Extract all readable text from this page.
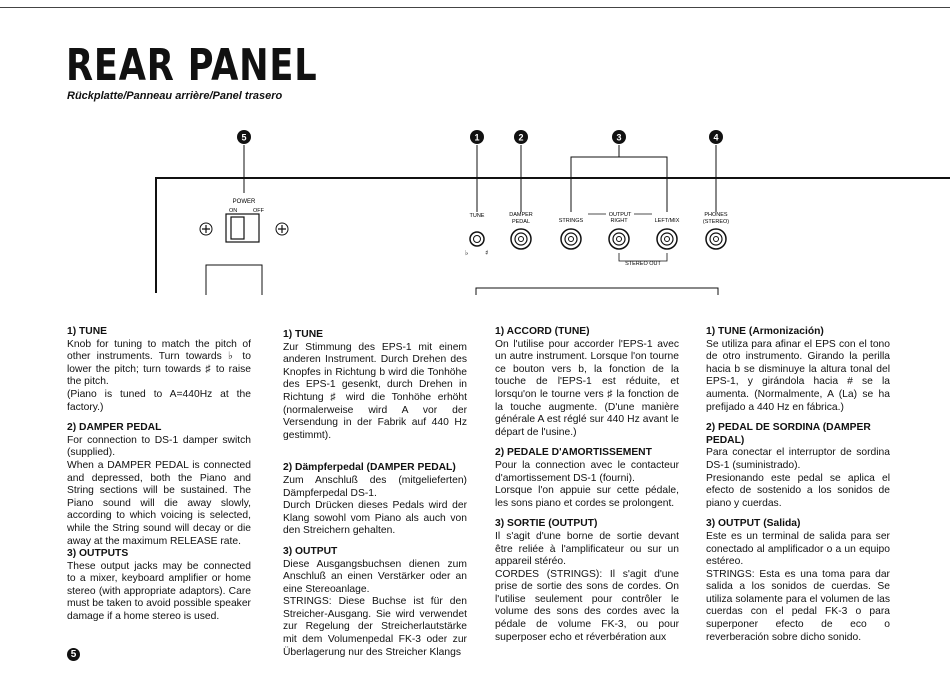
REAR PANEL
Rückplatte/Panneau arrière/Panel trasero
5	1	2	3	4
POWER
ON	OFF
TUNE
♭ ♯
DAMPER
PEDAL	STRINGS
OUTPUT
RIGHT	LEFT/MIX
PHONES
(STEREO)
STEREO OUT
1) TUNE

Knob for tuning to match the pitch of other instruments. Turn towards ♭ to lower the pitch; turn towards ♯ to raise the pitch.

(Piano is tuned to A=440Hz at the factory.)

2) DAMPER PEDAL

For connection to DS-1 damper switch (supplied).

When a DAMPER PEDAL is connected and depressed, both the Piano and String sections will be sustained. The Piano sound will die away slowly, according to which voicing is selected, while the String sound will decay or die away at the maximum RELEASE rate.

3) OUTPUTS

These output jacks may be connected to a mixer, keyboard amplifier or home stereo (with appropriate adaptors). Care must be taken to avoid possible speaker damage if a home stereo is used.

1) TUNE

Zur Stimmung des EPS-1 mit einem anderen Instrument. Durch Drehen des Knopfes in Richtung b wird die Tonhöhe des EPS-1 gesenkt, durch Drehen in Richtung ♯ wird die Tonhöhe erhöht (normalerweise wird A vor der Versendung in der Fabrik auf 440 Hz gestimmt).

2) Dämpferpedal (DAMPER PEDAL)

Zum Anschluß des (mitgelieferten) Dämpferpedal DS-1.

Durch Drücken dieses Pedals wird der Klang sowohl vom Piano als auch von den Streichern gehalten.

3) OUTPUT

Diese Ausgangsbuchsen dienen zum Anschluß an einen Verstärker oder an eine Stereoanlage.

STRINGS: Diese Buchse ist für den Streicher-Ausgang. Sie wird verwendet zur Regelung der Streicherlautstärke mit dem Volumenpedal FK-3 oder zur Überlagerung nur des Streicher Klangs

1) ACCORD (TUNE)

On l'utilise pour accorder l'EPS-1 avec un autre instrument. Lorsque l'on tourne ce bouton vers b, la fonction de la touche de l'EPS-1 est réduite, et lorsqu'on le tourne vers ♯ la fonction de la touche augmente. (D'une manière générale A est réglé sur 440 Hz avant le départ de l'usine.)

2) PEDALE D'AMORTISSEMENT

Pour la connection avec le contacteur d'amortissement DS-1 (fourni).

Lorsque l'on appuie sur cette pédale, les sons piano et cordes se prolongent.

3) SORTIE (OUTPUT)

Il s'agit d'une borne de sortie devant être reliée à l'amplificateur ou sur un appareil stéréo.

CORDES (STRINGS): Il s'agit d'une prise de sortie des sons de cordes. On l'utilise seulement pour contrôler le volume des sons des cordes avec la pédale de volume FK-3, ou pour superposer echo et réverbération aux

1) TUNE (Armonización)

Se utiliza para afinar el EPS con el tono de otro instrumento. Girando la perilla hacia b se disminuye la altura tonal del EPS-1, y girándola hacia # se la aumenta. (Normalmente, A (La) se ha prefijado a 440 Hz en fábrica.)

2) PEDAL DE SORDINA (DAMPER PEDAL)

Para conectar el interruptor de sordina DS-1 (suministrado).

Presionando este pedal se aplica el efecto de sostenido a los sonidos de piano y cuerdas.

3) OUTPUT (Salida)

Este es un terminal de salida para ser conectado al amplificador o a un equipo estéreo.

STRINGS: Esta es una toma para dar salida a los sonidos de cuerdas. Se utiliza solamente para el volumen de las cuerdas con el pedal FK-3 o para superponer efecto de eco o reverberación sobre dicho sonido.

5
